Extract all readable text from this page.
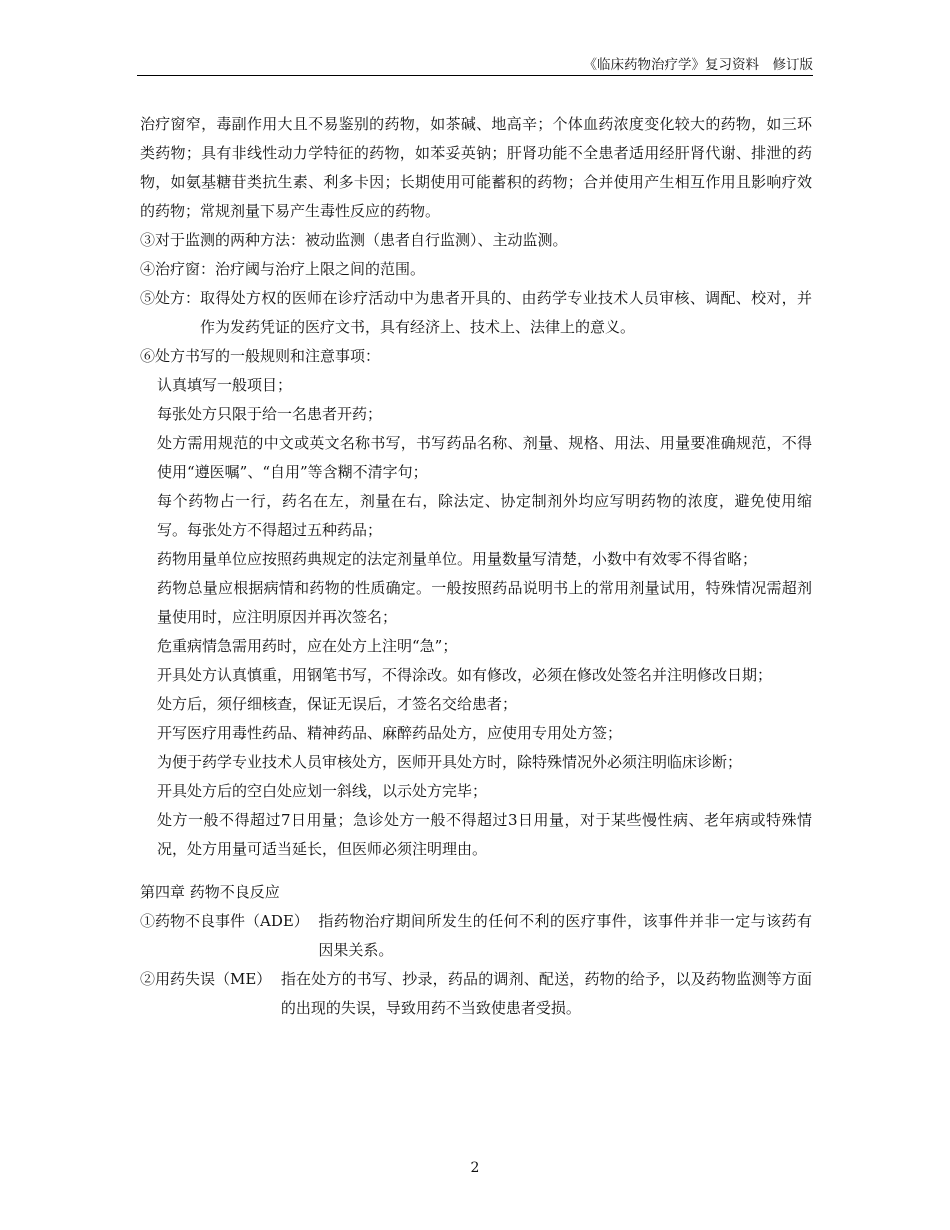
《临床药物治疗学》复习资料　修订版

治疗窗窄，毒副作用大且不易鉴别的药物，如茶碱、地高辛；个体血药浓度变化较大的药物，如三环类药物；具有非线性动力学特征的药物，如苯妥英钠；肝肾功能不全患者适用经肝肾代谢、排泄的药物，如氨基糖苷类抗生素、利多卡因；长期使用可能蓄积的药物；合并使用产生相互作用且影响疗效的药物；常规剂量下易产生毒性反应的药物。

③对于监测的两种方法：被动监测（患者自行监测）、主动监测。

④治疗窗：治疗阈与治疗上限之间的范围。

⑤处方： 取得处方权的医师在诊疗活动中为患者开具的、由药学专业技术人员审核、调配、校对，并作为发药凭证的医疗文书，具有经济上、技术上、法律上的意义。

⑥处方书写的一般规则和注意事项：

认真填写一般项目；

每张处方只限于给一名患者开药；

处方需用规范的中文或英文名称书写，书写药品名称、剂量、规格、用法、用量要准确规范，不得使用“遵医嘱”、“自用”等含糊不清字句；

每个药物占一行，药名在左，剂量在右，除法定、协定制剂外均应写明药物的浓度，避免使用缩写。每张处方不得超过五种药品；

药物用量单位应按照药典规定的法定剂量单位。用量数量写清楚，小数中有效零不得省略；

药物总量应根据病情和药物的性质确定。一般按照药品说明书上的常用剂量试用，特殊情况需超剂量使用时，应注明原因并再次签名；

危重病情急需用药时，应在处方上注明“急”；

开具处方认真慎重，用钢笔书写，不得涂改。如有修改，必须在修改处签名并注明修改日期；

处方后，须仔细核查，保证无误后，才签名交给患者；

开写医疗用毒性药品、精神药品、麻醉药品处方，应使用专用处方签；

为便于药学专业技术人员审核处方，医师开具处方时，除特殊情况外必须注明临床诊断；

开具处方后的空白处应划一斜线，以示处方完毕；

处方一般不得超过7日用量；急诊处方一般不得超过3日用量，对于某些慢性病、老年病或特殊情况，处方用量可适当延长，但医师必须注明理由。

第四章 药物不良反应

①药物不良事件（ADE） 指药物治疗期间所发生的任何不利的医疗事件，该事件并非一定与该药有因果关系。
②用药失误（ME） 指在处方的书写、抄录，药品的调剂、配送，药物的给予，以及药物监测等方面的出现的失误，导致用药不当致使患者受损。
2
